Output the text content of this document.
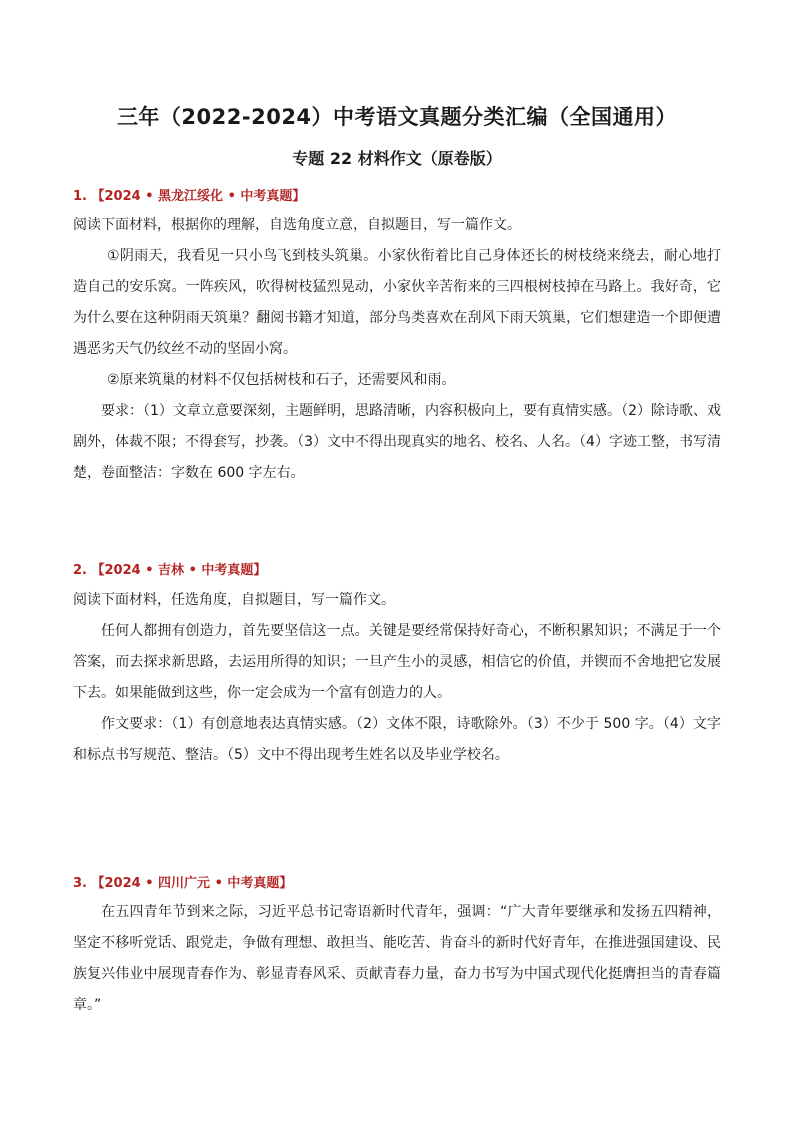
三年（2022-2024）中考语文真题分类汇编（全国通用）
专题 22 材料作文（原卷版）
1. 【2024 • 黑龙江绥化 • 中考真题】
阅读下面材料，根据你的理解，自选角度立意，自拟题目，写一篇作文。
①阴雨天，我看见一只小鸟飞到枝头筑巢。小家伙衔着比自己身体还长的树枝绕来绕去，耐心地打造自己的安乐窝。一阵疾风，吹得树枝猛烈晃动，小家伙辛苦衔来的三四根树枝掉在马路上。我好奇，它为什么要在这种阴雨天筑巢？翻阅书籍才知道，部分鸟类喜欢在刮风下雨天筑巢，它们想建造一个即便遭遇恶劣天气仍纹丝不动的坚固小窝。
②原来筑巢的材料不仅包括树枝和石子，还需要风和雨。
要求：（1）文章立意要深刻，主题鲜明，思路清晰，内容积极向上，要有真情实感。（2）除诗歌、戏剧外，体裁不限；不得套写，抄袭。（3）文中不得出现真实的地名、校名、人名。（4）字迹工整，书写清楚，卷面整洁：字数在 600 字左右。
2. 【2024 • 吉林 • 中考真题】
阅读下面材料，任选角度，自拟题目，写一篇作文。
任何人都拥有创造力，首先要坚信这一点。关键是要经常保持好奇心，不断积累知识；不满足于一个答案，而去探求新思路，去运用所得的知识；一旦产生小的灵感，相信它的价值，并锲而不舍地把它发展下去。如果能做到这些，你一定会成为一个富有创造力的人。
作文要求：（1）有创意地表达真情实感。（2）文体不限，诗歌除外。（3）不少于 500 字。（4）文字和标点书写规范、整洁。（5）文中不得出现考生姓名以及毕业学校名。
3. 【2024 • 四川广元 • 中考真题】
在五四青年节到来之际，习近平总书记寄语新时代青年，强调：“广大青年要继承和发扬五四精神，坚定不移听党话、跟党走，争做有理想、敢担当、能吃苦、肯奋斗的新时代好青年，在推进强国建设、民族复兴伟业中展现青春作为、彰显青春风采、贡献青春力量，奋力书写为中国式现代化挺膺担当的青春篇章。”
